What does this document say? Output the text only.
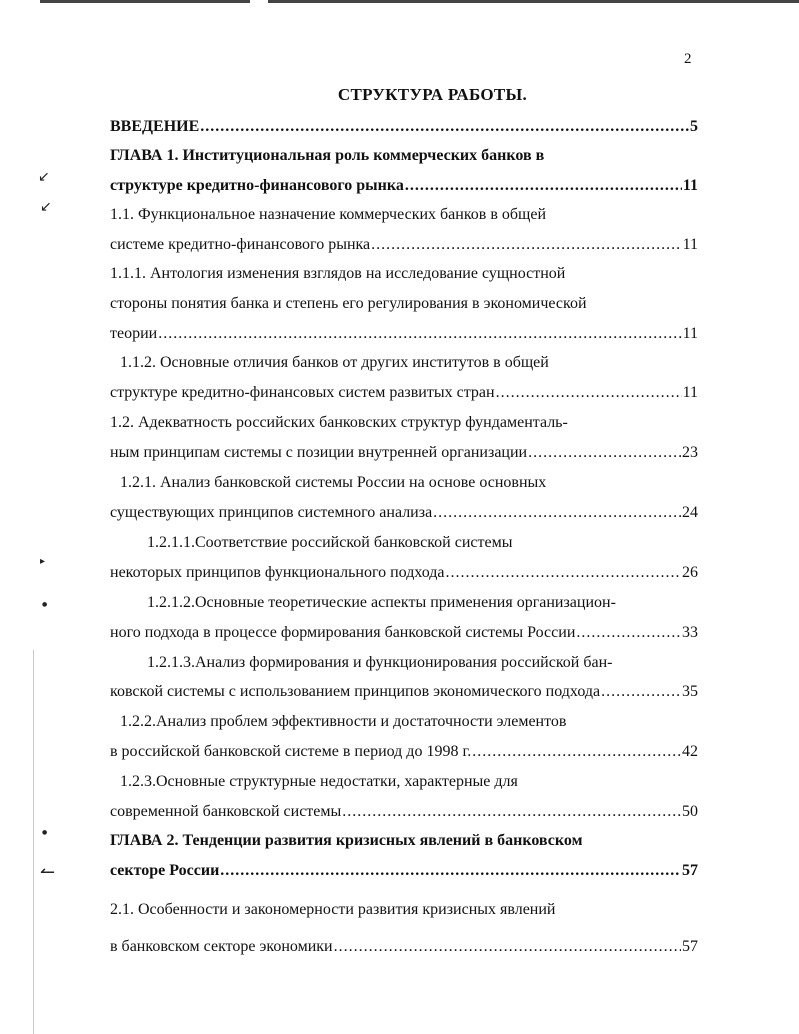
↙
↙
▸
●
●
↼
2
СТРУКТУРА РАБОТЫ.
ВВЕДЕНИЕ .....	5
ГЛАВА 1. Институциональная роль коммерческих банков в
структуре кредитно-финансового рынка .....	11
1.1. Функциональное назначение коммерческих банков в общей
системе кредитно-финансового рынка .....	11
1.1.1. Антология изменения взглядов на исследование сущностной
стороны понятия банка и степень его регулирования в экономической
теории .....	11
1.1.2. Основные отличия банков от других институтов в общей
структуре кредитно-финансовых систем развитых стран .....	11
1.2. Адекватность российских банковских структур фундаменталь-
ным принципам системы с позиции внутренней организации .....	23
1.2.1. Анализ банковской системы России на основе основных
существующих принципов системного анализа .....	24
1.2.1.1.Соответствие российской банковской системы
некоторых принципов функционального подхода .....	26
1.2.1.2.Основные теоретические аспекты применения организацион-
ного подхода в процессе формирования банковской системы России .....	33
1.2.1.3.Анализ формирования и функционирования российской бан-
ковской системы с использованием принципов экономического подхода .....	35
1.2.2.Анализ проблем эффективности и достаточности элементов
в российской банковской системе в период до 1998 г. .....	42
1.2.3.Основные структурные недостатки, характерные для
современной банковской системы .....	50
ГЛАВА 2. Тенденции развития кризисных явлений в банковском
секторе России .....	57
2.1. Особенности и закономерности развития кризисных явлений
в банковском секторе экономики .....	57
